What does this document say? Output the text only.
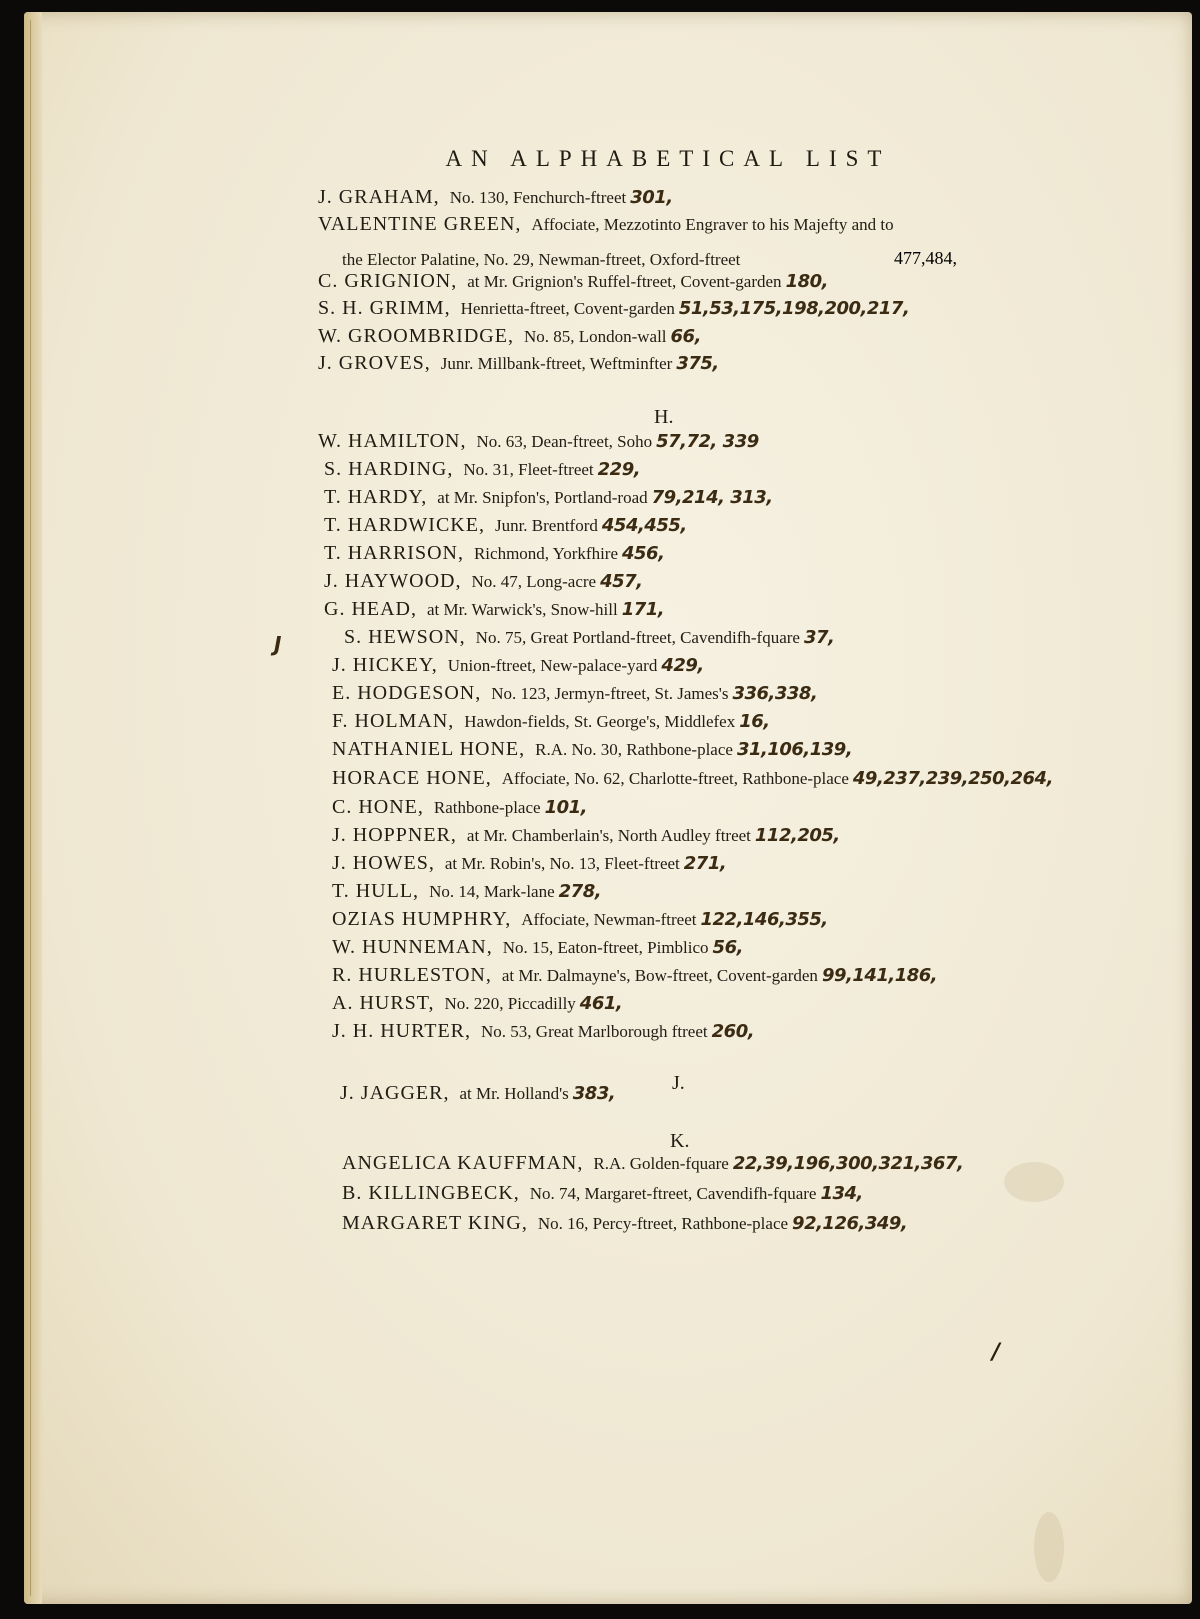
AN ALPHABETICAL LIST
H.
J.
K.
J
/
the Elector Palatine, No. 29, Newman-ftreet, Oxford-ftreet	477,484,
J. GRAHAM, No. 130, Fenchurch-ftreet 301,
VALENTINE GREEN, Affociate, Mezzotinto Engraver to his Majefty and to
C. GRIGNION, at Mr. Grignion's Ruffel-ftreet, Covent-garden 180,
S. H. GRIMM, Henrietta-ftreet, Covent-garden 51,53,175,198,200,217,
W. GROOMBRIDGE, No. 85, London-wall 66,
J. GROVES, Junr. Millbank-ftreet, Weftminfter 375,
W. HAMILTON, No. 63, Dean-ftreet, Soho 57,72, 339
S. HARDING, No. 31, Fleet-ftreet 229,
T. HARDY, at Mr. Snipfon's, Portland-road 79,214, 313,
T. HARDWICKE, Junr. Brentford 454,455,
T. HARRISON, Richmond, Yorkfhire 456,
J. HAYWOOD, No. 47, Long-acre 457,
G. HEAD, at Mr. Warwick's, Snow-hill 171,
S. HEWSON, No. 75, Great Portland-ftreet, Cavendifh-fquare 37,
J. HICKEY, Union-ftreet, New-palace-yard 429,
E. HODGESON, No. 123, Jermyn-ftreet, St. James's 336,338,
F. HOLMAN, Hawdon-fields, St. George's, Middlefex 16,
NATHANIEL HONE, R.A. No. 30, Rathbone-place 31,106,139,
HORACE HONE, Affociate, No. 62, Charlotte-ftreet, Rathbone-place 49,237,239,250,264,
C. HONE, Rathbone-place 101,
J. HOPPNER, at Mr. Chamberlain's, North Audley ftreet 112,205,
J. HOWES, at Mr. Robin's, No. 13, Fleet-ftreet 271,
T. HULL, No. 14, Mark-lane 278,
OZIAS HUMPHRY, Affociate, Newman-ftreet 122,146,355,
W. HUNNEMAN, No. 15, Eaton-ftreet, Pimblico 56,
R. HURLESTON, at Mr. Dalmayne's, Bow-ftreet, Covent-garden 99,141,186,
A. HURST, No. 220, Piccadilly 461,
J. H. HURTER, No. 53, Great Marlborough ftreet 260,
J. JAGGER, at Mr. Holland's 383,
ANGELICA KAUFFMAN, R.A. Golden-fquare 22,39,196,300,321,367,
B. KILLINGBECK, No. 74, Margaret-ftreet, Cavendifh-fquare 134,
MARGARET KING, No. 16, Percy-ftreet, Rathbone-place 92,126,349,
